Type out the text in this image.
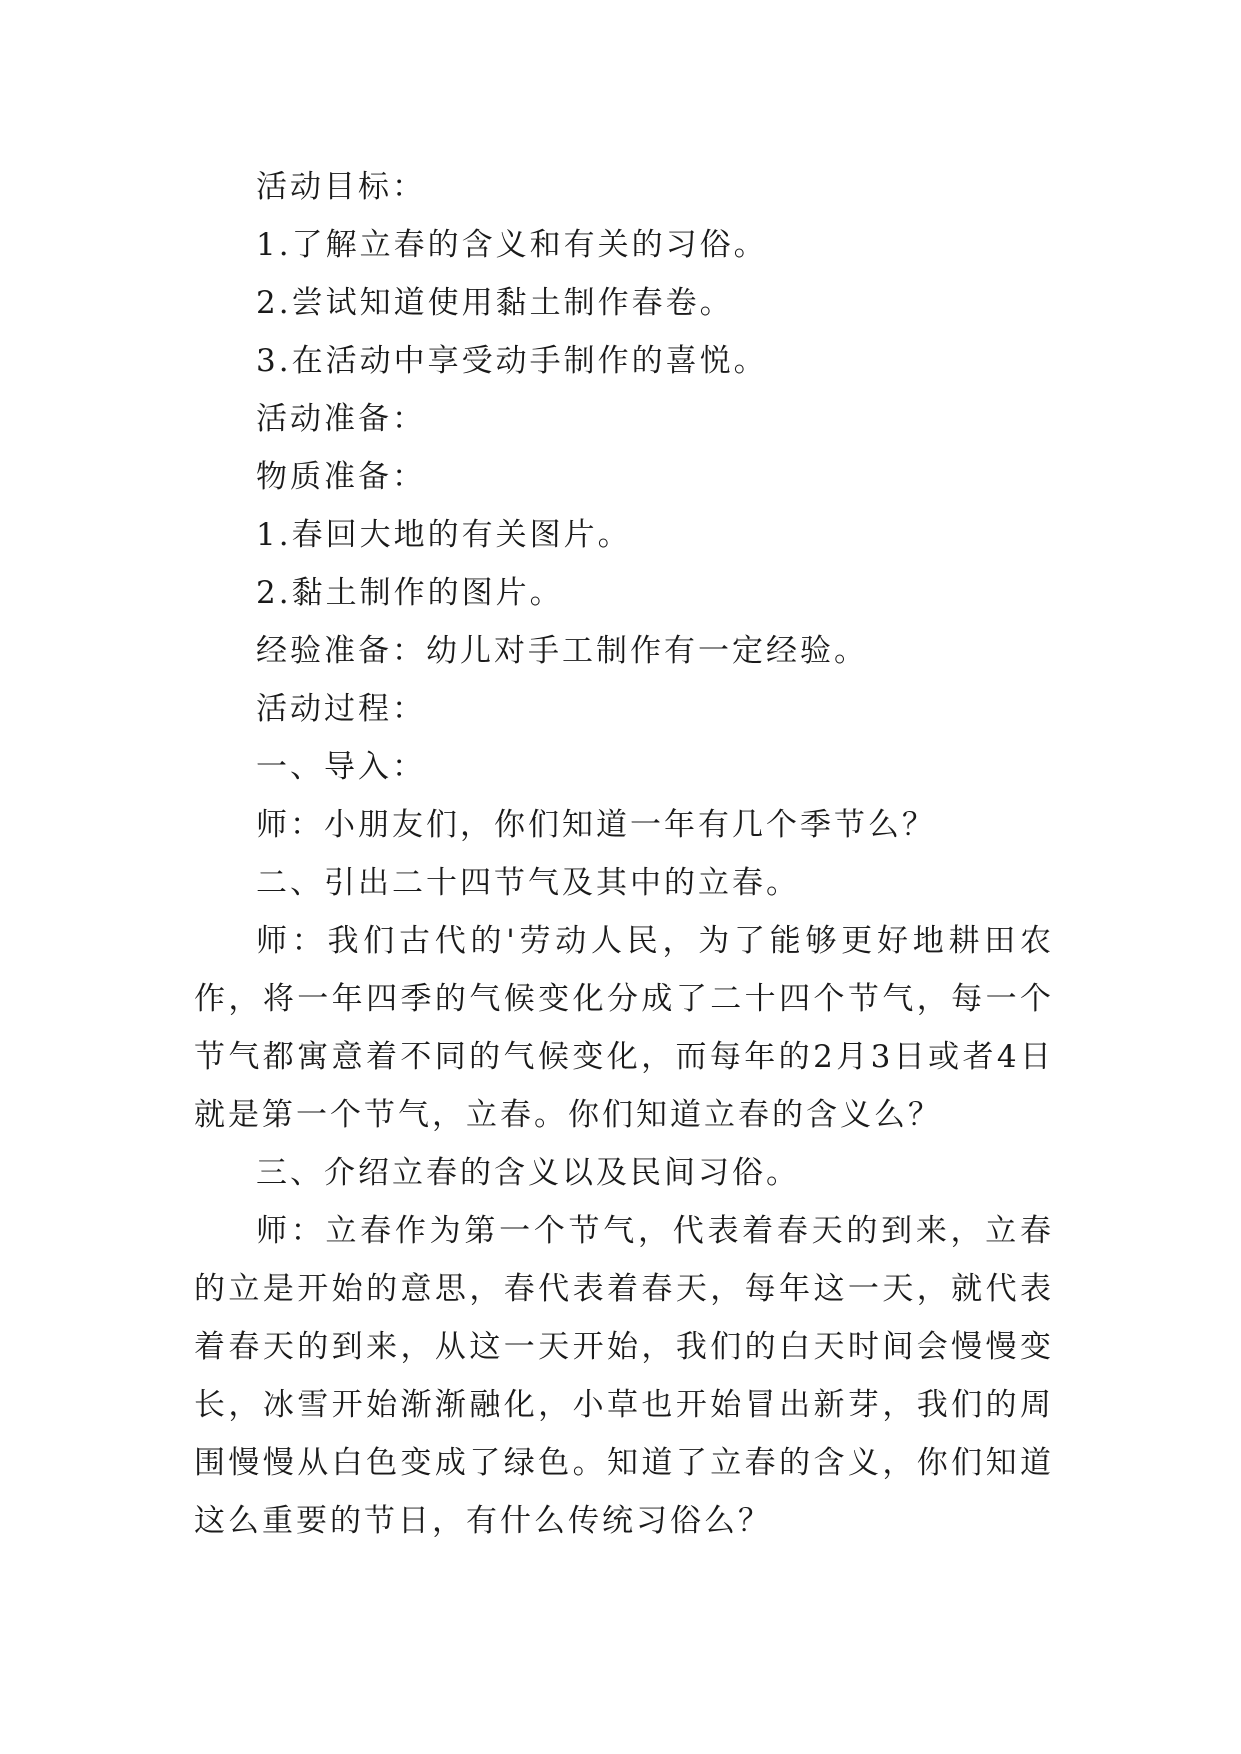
活动目标：

1.了解立春的含义和有关的习俗。

2.尝试知道使用黏土制作春卷。

3.在活动中享受动手制作的喜悦。

活动准备：

物质准备：

1.春回大地的有关图片。

2.黏土制作的图片。

经验准备：幼儿对手工制作有一定经验。

活动过程：

一、导入：

师：小朋友们，你们知道一年有几个季节么？

二、引出二十四节气及其中的立春。

师：我们古代的'劳动人民，为了能够更好地耕田农作，将一年四季的气候变化分成了二十四个节气，每一个节气都寓意着不同的气候变化，而每年的2月3日或者4日就是第一个节气，立春。你们知道立春的含义么？

三、介绍立春的含义以及民间习俗。

师：立春作为第一个节气，代表着春天的到来，立春的立是开始的意思，春代表着春天，每年这一天，就代表着春天的到来，从这一天开始，我们的白天时间会慢慢变长，冰雪开始渐渐融化，小草也开始冒出新芽，我们的周围慢慢从白色变成了绿色。知道了立春的含义，你们知道这么重要的节日，有什么传统习俗么？
